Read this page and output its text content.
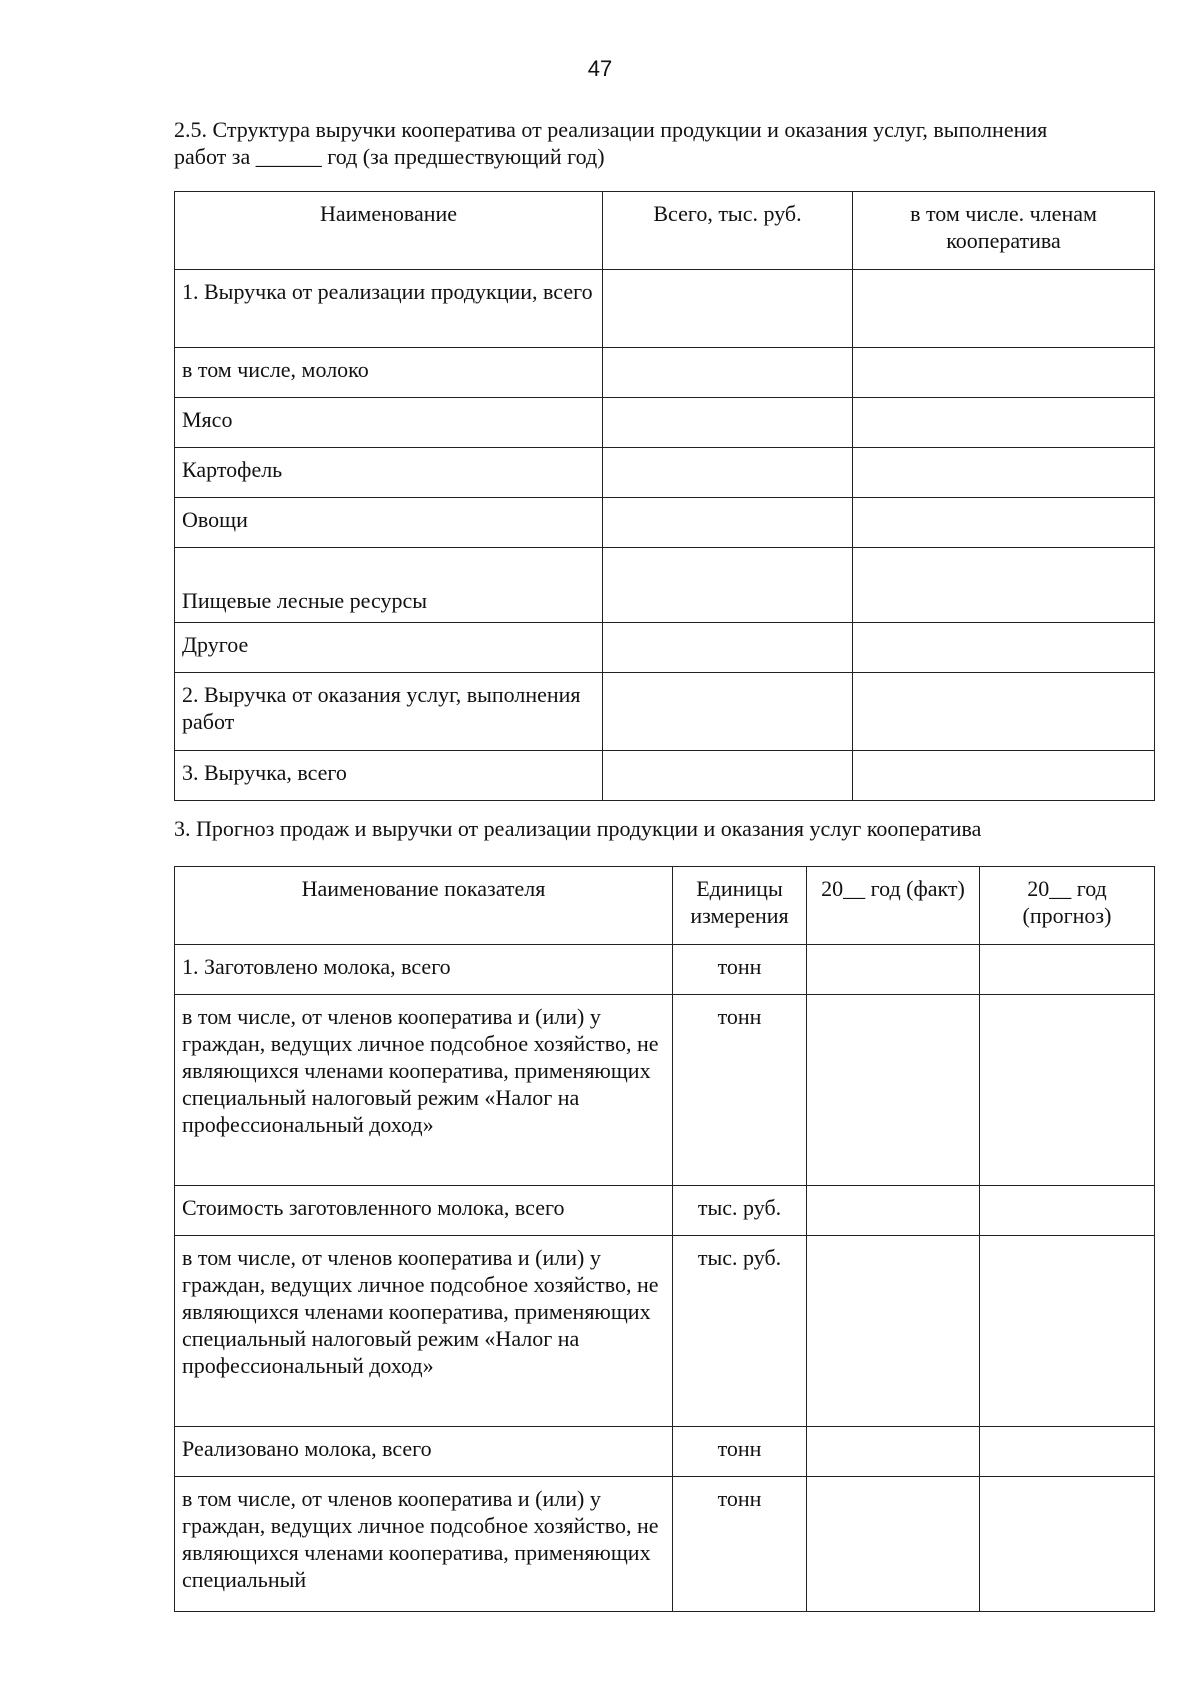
47
2.5. Структура выручки кооператива от реализации продукции и оказания услуг, выполнения
работ за ______ год (за предшествующий год)
Наименование	Всего, тыс. руб.	в том числе. членам кооператива
1. Выручка от реализации продукции, всего		
в том числе, молоко		
Мясо		
Картофель		
Овощи		
Пищевые лесные ресурсы		
Другое		
2. Выручка от оказания услуг, выполнения работ		
3. Выручка, всего		
3. Прогноз продаж и выручки от реализации продукции и оказания услуг кооператива
Наименование показателя	Единицы измерения	20__ год (факт)	20__ год (прогноз)
1. Заготовлено молока, всего	тонн		
в том числе, от членов кооператива и (или) у граждан, ведущих личное подсобное хозяйство, не являющихся членами кооператива, применяющих специальный налоговый режим «Налог на профессиональный доход»	тонн		
Стоимость заготовленного молока, всего	тыс. руб.		
в том числе, от членов кооператива и (или) у граждан, ведущих личное подсобное хозяйство, не являющихся членами кооператива, применяющих специальный налоговый режим «Налог на профессиональный доход»	тыс. руб.		
Реализовано молока, всего	тонн		
в том числе, от членов кооператива и (или) у граждан, ведущих личное подсобное хозяйство, не являющихся членами кооператива, применяющих специальный	тонн		
